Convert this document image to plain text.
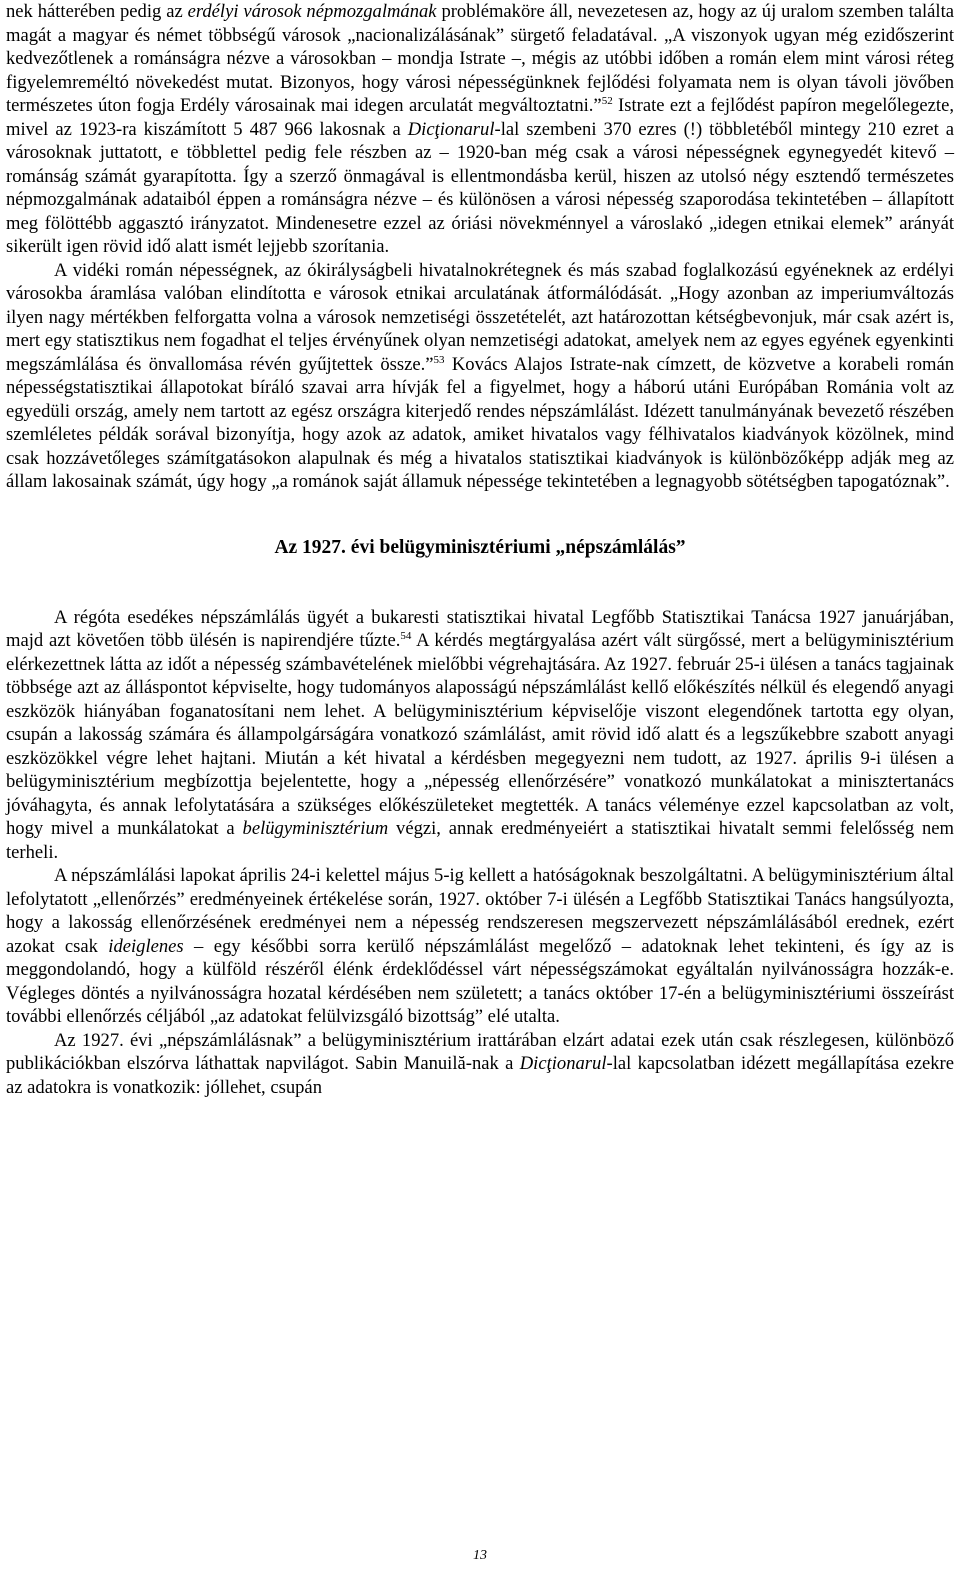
nek hátterében pedig az erdélyi városok népmozgalmának problémaköre áll, nevezetesen az, hogy az új uralom szemben találta magát a magyar és német többségű városok „nacionalizálásának” sürgető feladatával. „A viszonyok ugyan még ezidőszerint kedvezőtlenek a románságra nézve a városokban – mondja Istrate –, mégis az utóbbi időben a román elem mint városi réteg figyelemreméltó növekedést mutat. Bizonyos, hogy városi népességünknek fejlődési folyamata nem is olyan távoli jövőben természetes úton fogja Erdély városainak mai idegen arculatát megváltoztatni.”$^{52}$ Istrate ezt a fejlődést papíron megelőlegezte, mivel az 1923-ra kiszámított 5 487 966 lakosnak a Dicţionarul-lal szembeni 370 ezres (!) többletéből mintegy 210 ezret a városoknak juttatott, e többlettel pedig fele részben az – 1920-ban még csak a városi népességnek egynegyedét kitevő – románság számát gyarapította. Így a szerző önmagával is ellentmondásba kerül, hiszen az utolsó négy esztendő természetes népmozgalmának adataiból éppen a románságra nézve – és különösen a városi népesség szaporodása tekintetében – állapított meg fölöttébb aggasztó irányzatot. Mindenesetre ezzel az óriási növekménnyel a városlakó „idegen etnikai elemek” arányát sikerült igen rövid idő alatt ismét lejjebb szorítania.

A vidéki román népességnek, az ókirályságbeli hivatalnokrétegnek és más szabad foglalkozású egyéneknek az erdélyi városokba áramlása valóban elindította e városok etnikai arculatának átformálódását. „Hogy azonban az imperiumváltozás ilyen nagy mértékben felforgatta volna a városok nemzetiségi összetételét, azt határozottan kétségbevonjuk, már csak azért is, mert egy statisztikus nem fogadhat el teljes érvényűnek olyan nemzetiségi adatokat, amelyek nem az egyes egyének egyenkinti megszámlálása és önvallomása révén gyűjtettek össze.”$^{53}$ Kovács Alajos Istrate-nak címzett, de közvetve a korabeli román népességstatisztikai állapotokat bíráló szavai arra hívják fel a figyelmet, hogy a háború utáni Európában Románia volt az egyedüli ország, amely nem tartott az egész országra kiterjedő rendes népszámlálást. Idézett tanulmányának bevezető részében szemléletes példák sorával bizonyítja, hogy azok az adatok, amiket hivatalos vagy félhivatalos kiadványok közölnek, mind csak hozzávetőleges számítgatásokon alapulnak és még a hivatalos statisztikai kiadványok is különbözőképp adják meg az állam lakosainak számát, úgy hogy „a románok saját államuk népessége tekintetében a legnagyobb sötétségben tapogatóznak”.

Az 1927. évi belügyminisztériumi „népszámlálás”

A régóta esedékes népszámlálás ügyét a bukaresti statisztikai hivatal Legfőbb Statisztikai Tanácsa 1927 januárjában, majd azt követően több ülésén is napirendjére tűzte.$^{54}$ A kérdés megtárgyalása azért vált sürgőssé, mert a belügyminisztérium elérkezettnek látta az időt a népesség számbavételének mielőbbi végrehajtására. Az 1927. február 25-i ülésen a tanács tagjainak többsége azt az álláspontot képviselte, hogy tudományos alaposságú népszámlálást kellő előkészítés nélkül és elegendő anyagi eszközök hiányában foganatosítani nem lehet. A belügyminisztérium képviselője viszont elegendőnek tartotta egy olyan, csupán a lakosság számára és állampolgárságára vonatkozó számlálást, amit rövid idő alatt és a legszűkebbre szabott anyagi eszközökkel végre lehet hajtani. Miután a két hivatal a kérdésben megegyezni nem tudott, az 1927. április 9-i ülésen a belügyminisztérium megbízottja bejelentette, hogy a „népesség ellenőrzésére” vonatkozó munkálatokat a minisztertanács jóváhagyta, és annak lefolytatására a szükséges előkészületeket megtették. A tanács véleménye ezzel kapcsolatban az volt, hogy mivel a munkálatokat a belügyminisztérium végzi, annak eredményeiért a statisztikai hivatalt semmi felelősség nem terheli.

A népszámlálási lapokat április 24-i kelettel május 5-ig kellett a hatóságoknak beszolgáltatni. A belügyminisztérium által lefolytatott „ellenőrzés” eredményeinek értékelése során, 1927. október 7-i ülésén a Legfőbb Statisztikai Tanács hangsúlyozta, hogy a lakosság ellenőrzésének eredményei nem a népesség rendszeresen megszervezett népszámlálásából erednek, ezért azokat csak ideiglenes – egy későbbi sorra kerülő népszámlálást megelőző – adatoknak lehet tekinteni, és így az is meggondolandó, hogy a külföld részéről élénk érdeklődéssel várt népességszámokat egyáltalán nyilvánosságra hozzák-e. Végleges döntés a nyilvánosságra hozatal kérdésében nem született; a tanács október 17-én a belügyminisztériumi összeírást további ellenőrzés céljából „az adatokat felülvizsgáló bizottság” elé utalta.

Az 1927. évi „népszámlálásnak” a belügyminisztérium irattárában elzárt adatai ezek után csak részlegesen, különböző publikációkban elszórva láthattak napvilágot. Sabin Manuilă-nak a Dicţionarul-lal kapcsolatban idézett megállapítása ezekre az adatokra is vonatkozik: jóllehet, csupán

13
